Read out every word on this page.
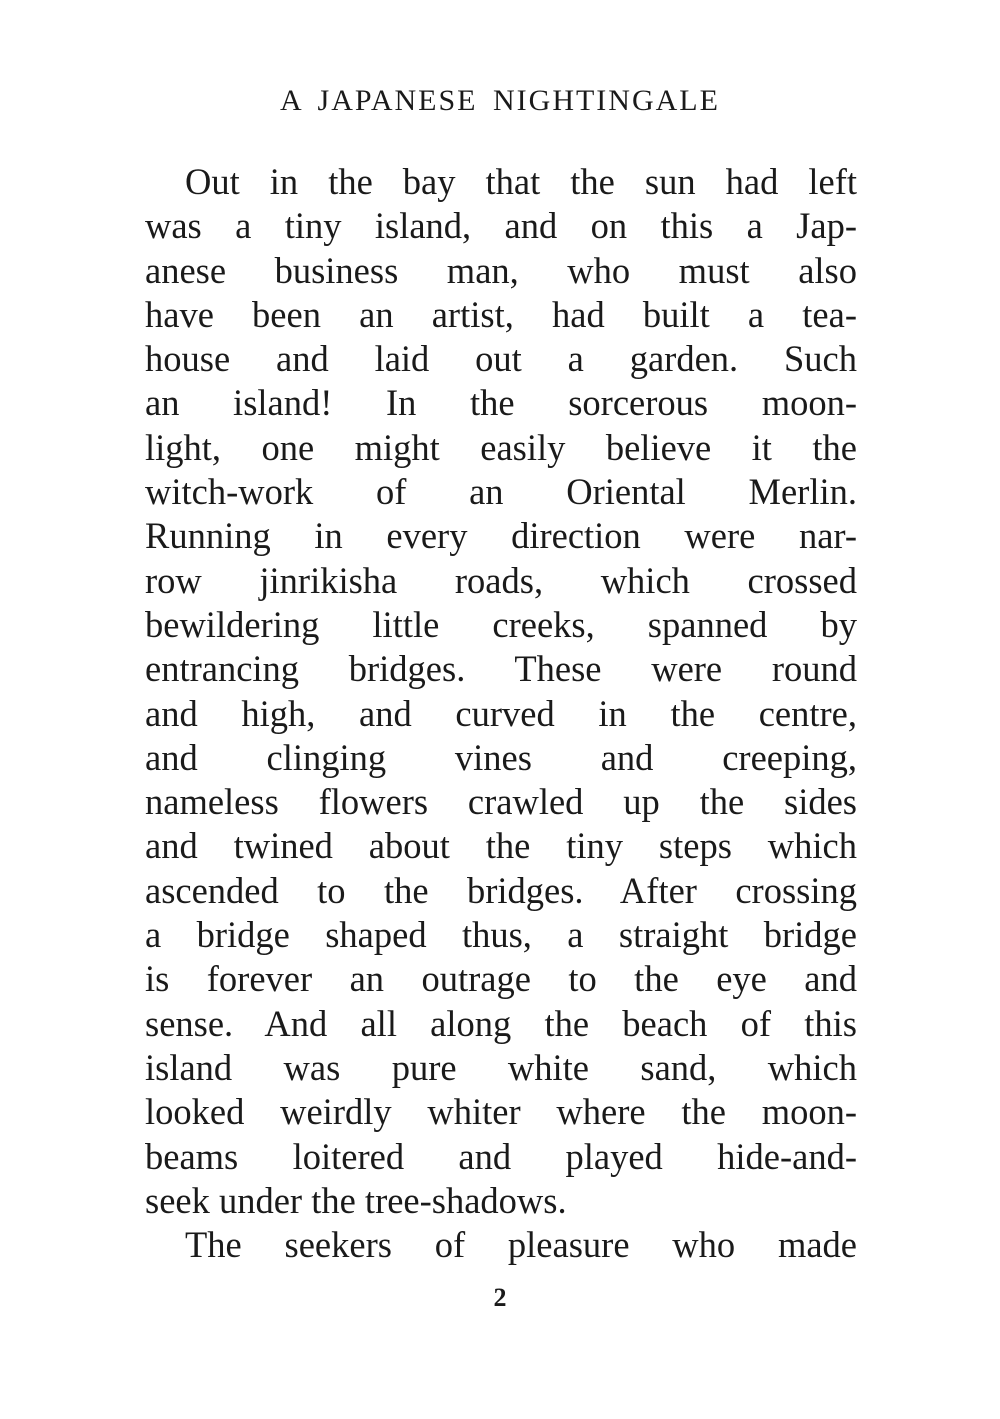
A JAPANESE NIGHTINGALE
Out in the bay that the sun had left
was a tiny island, and on this a Jap-
anese business man, who must also
have been an artist, had built a tea-
house and laid out a garden. Such
an island! In the sorcerous moon-
light, one might easily believe it the
witch-work of an Oriental Merlin.
Running in every direction were nar-
row jinrikisha roads, which crossed
bewildering little creeks, spanned by
entrancing bridges. These were round
and high, and curved in the centre,
and clinging vines and creeping,
nameless flowers crawled up the sides
and twined about the tiny steps which
ascended to the bridges. After crossing
a bridge shaped thus, a straight bridge
is forever an outrage to the eye and
sense. And all along the beach of this
island was pure white sand, which
looked weirdly whiter where the moon-
beams loitered and played hide-and-
seek under the tree-shadows.
The seekers of pleasure who made
2
